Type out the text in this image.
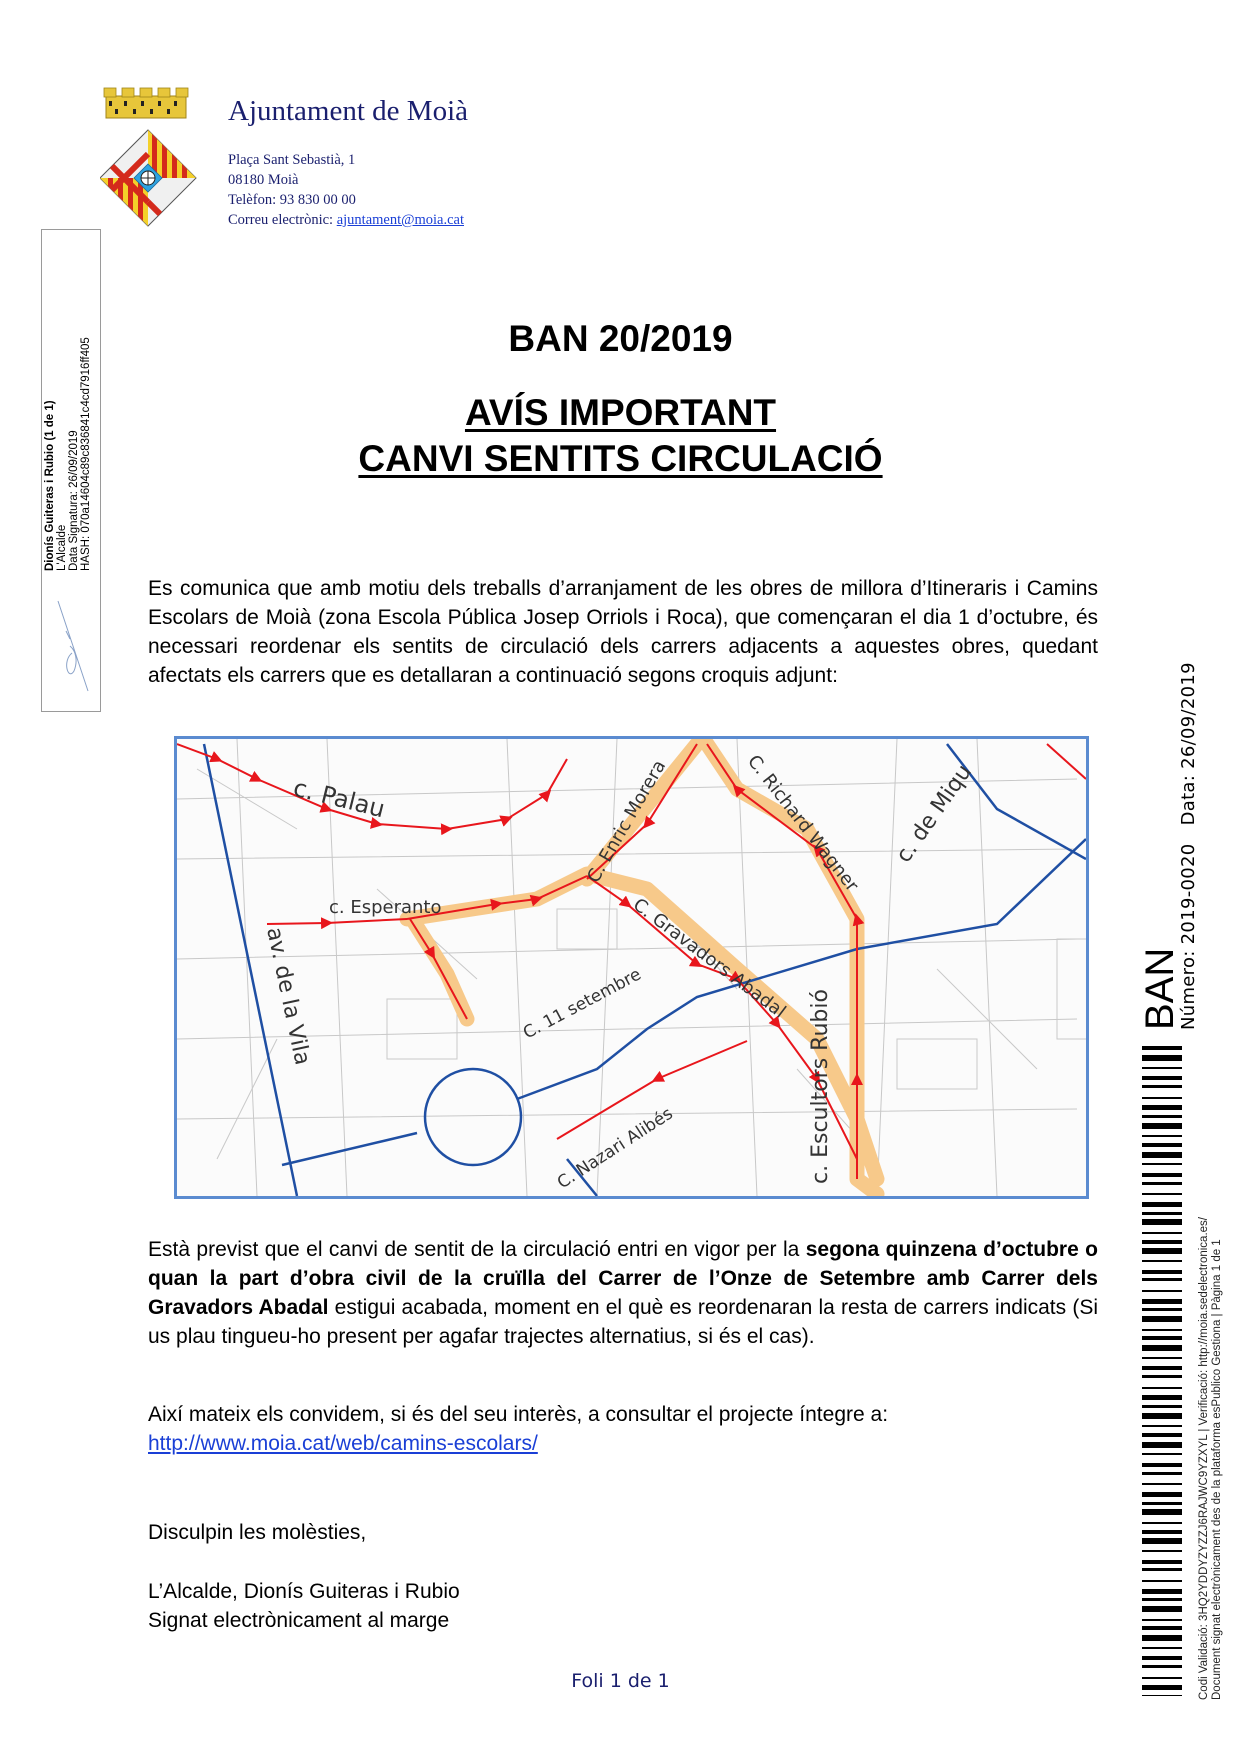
Ajuntament de Moià
Plaça Sant Sebastià, 1
08180 Moià
Telèfon: 93 830 00 00
Correu electrònic: ajuntament@moia.cat
Dionís Guiteras i Rubio (1 de 1) L'Alcalde Data Signatura: 26/09/2019 HASH: 070a14604c89c836841c4cd7916ff405	BAN 20/2019
AVÍS IMPORTANT
CANVI SENTITS CIRCULACIÓ
Es comunica que amb motiu dels treballs d’arranjament de les obres de millora d’Itineraris i Camins Escolars de Moià (zona Escola Pública Josep Orriols i Roca), que començaran el dia 1 d’octubre, és necessari reordenar els sentits de circulació dels carrers adjacents a aquestes obres, quedant afectats els carrers que es detallaran a continuació segons croquis adjunt:
c. Palau
c. Esperanto
av. de la Vila
C. Enric Morera	C. Richard Wagner c. de Miqu
C. Gravadors Abadal
C. 11 setembre
C. Nazari Alibés	c. Escultors Rubió
Està previst que el canvi de sentit de la circulació entri en vigor per la segona quinzena d’octubre o quan la part d’obra civil de la cruïlla del Carrer de l’Onze de Setembre amb Carrer dels Gravadors Abadal estigui acabada, moment en el què es reordenaran la resta de carrers indicats (Si us plau tingueu-ho present per agafar trajectes alternatius, si és el cas).
Així mateix els convidem, si és del seu interès, a consultar el projecte íntegre a:
http://www.moia.cat/web/camins-escolars/
Disculpin les molèsties,
L’Alcalde, Dionís Guiteras i Rubio
Signat electrònicament al marge
Foli 1 de 1
BAN
Número: 2019-0020   Data: 26/09/2019
Codi Validació: 3HQ2YDDYZYZZJ6RAJWC9YZXYL | Verificació: http://moia.sedelectronica.es/ Document signat electrònicament des de la plataforma esPublico Gestiona | Pàgina 1 de 1
